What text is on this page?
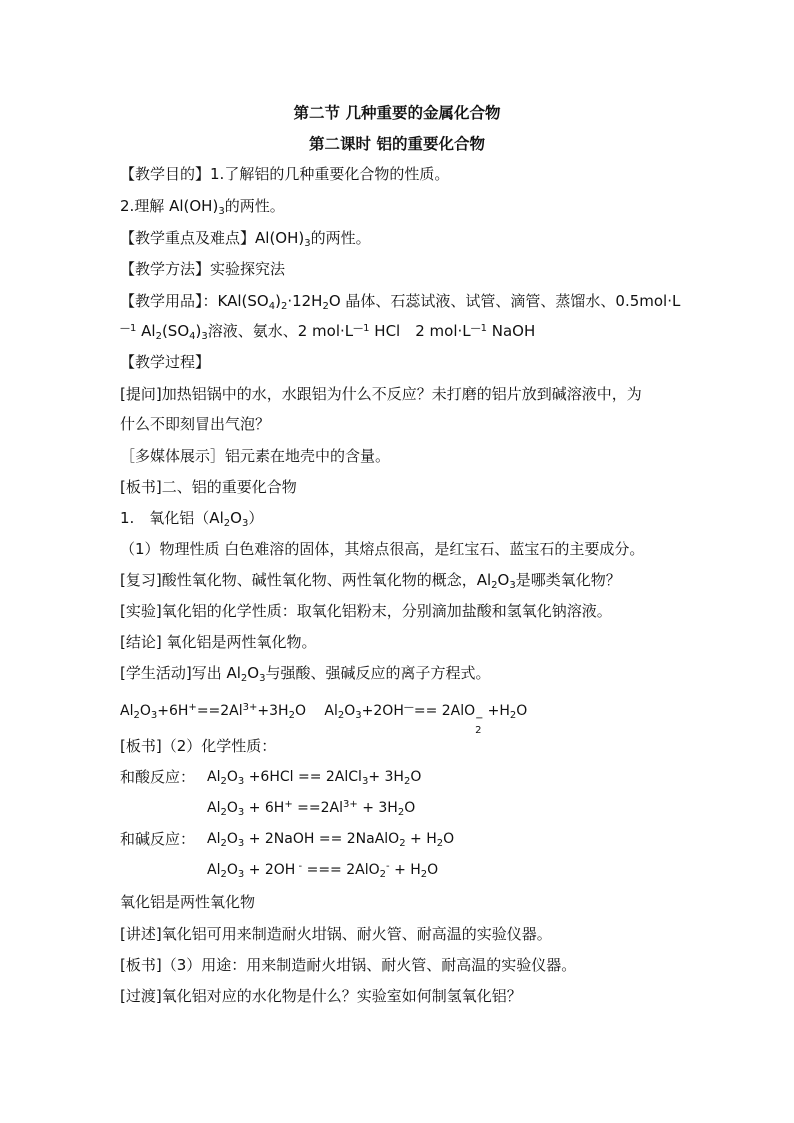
第二节 几种重要的金属化合物
第二课时 铝的重要化合物
【教学目的】1.了解铝的几种重要化合物的性质。
2.理解 $Al(OH)_3$的两性。
【教学重点及难点】$Al(OH)_3$的两性。
【教学方法】实验探究法
【教学用品】：$KAl(SO_4)_2\cdot 12H_2O$ 晶体、石蕊试液、试管、滴管、蒸馏水、0.5mol·L
$^{—1}$ $Al_2(SO_4)_3$溶液、氨水、2 $mol\cdot L^{—1}$ HCl　2 $mol\cdot L^{—1}$ NaOH
【教学过程】
[提问]加热铝锅中的水，水跟铝为什么不反应？未打磨的铝片放到碱溶液中，为
什么不即刻冒出气泡？
［多媒体展示］铝元素在地壳中的含量。
[板书]二、铝的重要化合物
1.　氧化铝$(Al_2O_3)$
（1）物理性质 白色难溶的固体，其熔点很高，是红宝石、蓝宝石的主要成分。
[复习]酸性氧化物、碱性氧化物、两性氧化物的概念，$Al_2O_3$是哪类氧化物？
[实验]氧化铝的化学性质：取氧化铝粉末，分别滴加盐酸和氢氧化钠溶液。
[结论] 氧化铝是两性氧化物。
[学生活动]写出 $Al_2O_3$与强酸、强碱反应的离子方程式。
$Al_2O_3+6H^+==2Al^{3+}+3H_2O$　 $Al_2O_3+2OH^—== 2AlO$ −
2
$+H_2O$
[板书]（2）化学性质：
和酸反应： $Al_2O_3 +6HCl$ == 2AlCl$_3$+ $3H_2O$
$Al_2O_3 + 6H^+ ==2Al^{3+} + 3H_2O$
和碱反应： $Al_2O_3$ + 2NaOH == 2NaAlO$_2$ + $H_2O$
$Al_2O_3 + 2OH$ - === $2AlO_2^- + H_2O$
氧化铝是两性氧化物
[讲述]氧化铝可用来制造耐火坩锅、耐火管、耐高温的实验仪器。
[板书]（3）用途：用来制造耐火坩锅、耐火管、耐高温的实验仪器。
[过渡]氧化铝对应的水化物是什么？实验室如何制氢氧化铝？
